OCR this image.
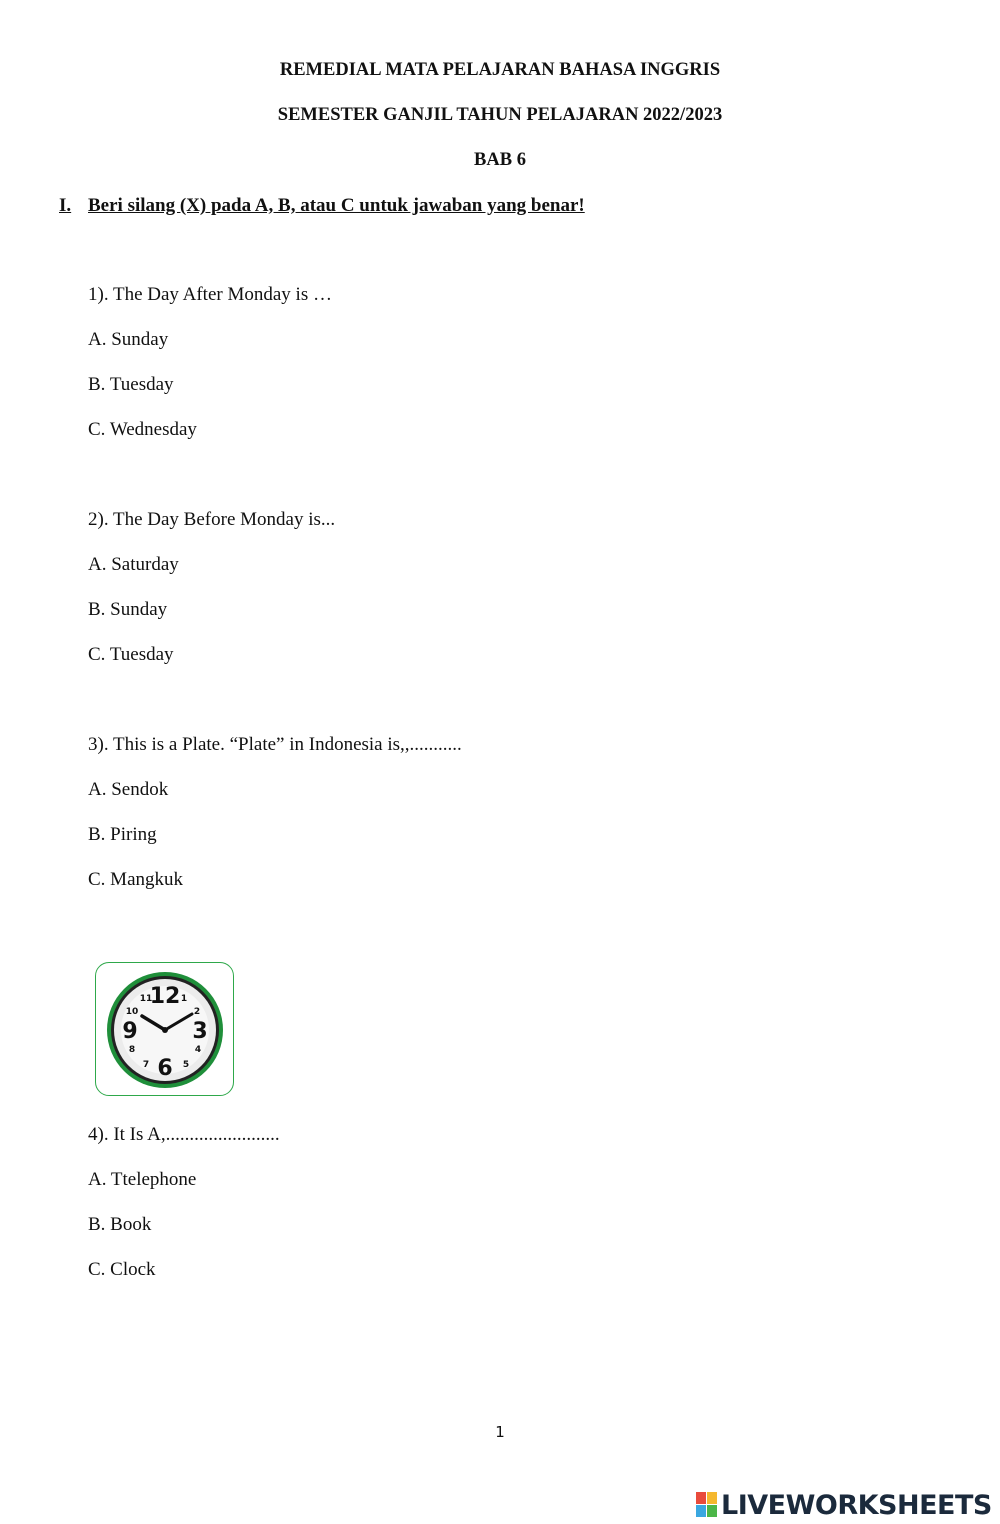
REMEDIAL MATA PELAJARAN BAHASA INGGRIS
SEMESTER GANJIL TAHUN PELAJARAN 2022/2023
BAB 6
I. Beri silang (X) pada A, B, atau C untuk jawaban yang benar!
1). The Day After Monday is …
A. Sunday
B. Tuesday
C. Wednesday
2). The Day Before Monday is...
A. Saturday
B. Sunday
C. Tuesday
3). This is a Plate. “Plate” in Indonesia is,,...........
A. Sendok
B. Piring
C. Mangkuk
12
6
9 3
1
2
4
5
7
8
10
11
4). It Is A,........................
A. Ttelephone
B. Book
C. Clock
1
LIVEWORKSHEETS
